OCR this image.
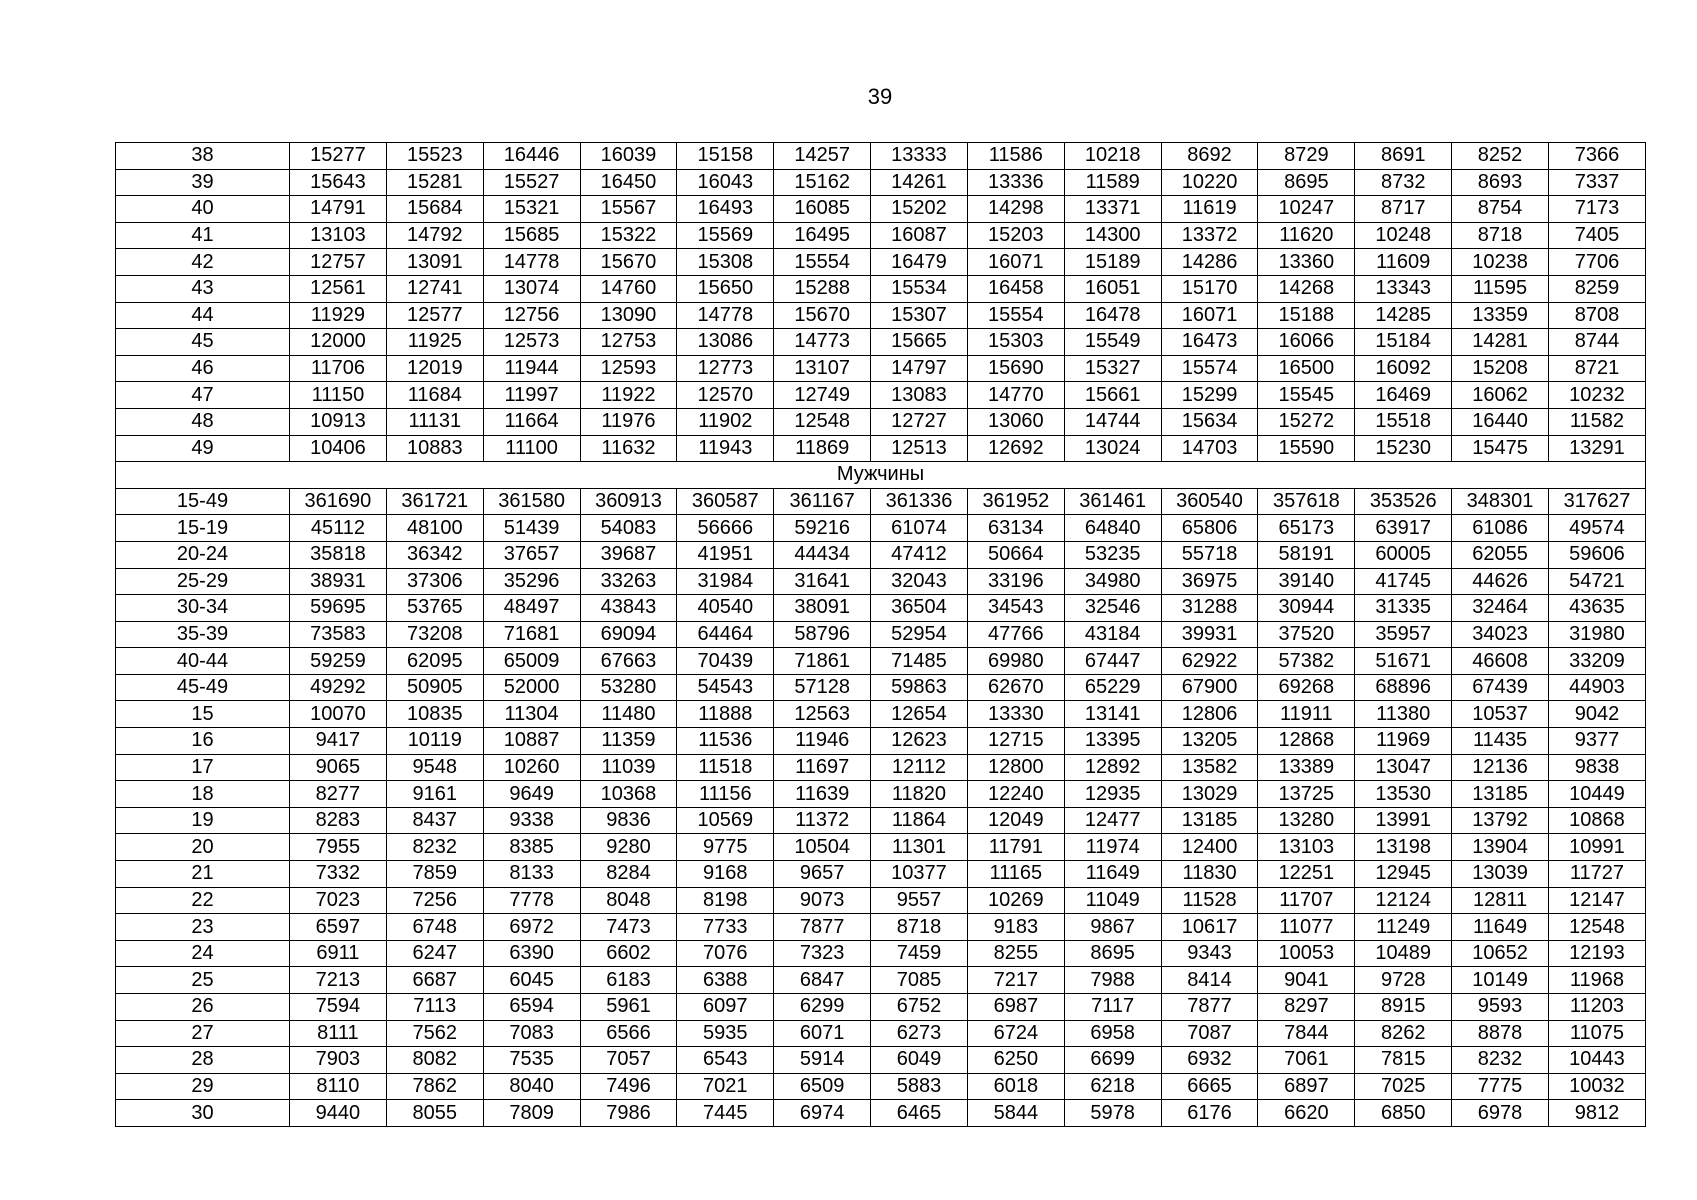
39
38	15277	15523	16446	16039	15158	14257	13333	11586	10218	8692	8729	8691	8252	7366
39	15643	15281	15527	16450	16043	15162	14261	13336	11589	10220	8695	8732	8693	7337
40	14791	15684	15321	15567	16493	16085	15202	14298	13371	11619	10247	8717	8754	7173
41	13103	14792	15685	15322	15569	16495	16087	15203	14300	13372	11620	10248	8718	7405
42	12757	13091	14778	15670	15308	15554	16479	16071	15189	14286	13360	11609	10238	7706
43	12561	12741	13074	14760	15650	15288	15534	16458	16051	15170	14268	13343	11595	8259
44	11929	12577	12756	13090	14778	15670	15307	15554	16478	16071	15188	14285	13359	8708
45	12000	11925	12573	12753	13086	14773	15665	15303	15549	16473	16066	15184	14281	8744
46	11706	12019	11944	12593	12773	13107	14797	15690	15327	15574	16500	16092	15208	8721
47	11150	11684	11997	11922	12570	12749	13083	14770	15661	15299	15545	16469	16062	10232
48	10913	11131	11664	11976	11902	12548	12727	13060	14744	15634	15272	15518	16440	11582
49	10406	10883	11100	11632	11943	11869	12513	12692	13024	14703	15590	15230	15475	13291
Мужчины														
15-49	361690	361721	361580	360913	360587	361167	361336	361952	361461	360540	357618	353526	348301	317627
15-19	45112	48100	51439	54083	56666	59216	61074	63134	64840	65806	65173	63917	61086	49574
20-24	35818	36342	37657	39687	41951	44434	47412	50664	53235	55718	58191	60005	62055	59606
25-29	38931	37306	35296	33263	31984	31641	32043	33196	34980	36975	39140	41745	44626	54721
30-34	59695	53765	48497	43843	40540	38091	36504	34543	32546	31288	30944	31335	32464	43635
35-39	73583	73208	71681	69094	64464	58796	52954	47766	43184	39931	37520	35957	34023	31980
40-44	59259	62095	65009	67663	70439	71861	71485	69980	67447	62922	57382	51671	46608	33209
45-49	49292	50905	52000	53280	54543	57128	59863	62670	65229	67900	69268	68896	67439	44903
15	10070	10835	11304	11480	11888	12563	12654	13330	13141	12806	11911	11380	10537	9042
16	9417	10119	10887	11359	11536	11946	12623	12715	13395	13205	12868	11969	11435	9377
17	9065	9548	10260	11039	11518	11697	12112	12800	12892	13582	13389	13047	12136	9838
18	8277	9161	9649	10368	11156	11639	11820	12240	12935	13029	13725	13530	13185	10449
19	8283	8437	9338	9836	10569	11372	11864	12049	12477	13185	13280	13991	13792	10868
20	7955	8232	8385	9280	9775	10504	11301	11791	11974	12400	13103	13198	13904	10991
21	7332	7859	8133	8284	9168	9657	10377	11165	11649	11830	12251	12945	13039	11727
22	7023	7256	7778	8048	8198	9073	9557	10269	11049	11528	11707	12124	12811	12147
23	6597	6748	6972	7473	7733	7877	8718	9183	9867	10617	11077	11249	11649	12548
24	6911	6247	6390	6602	7076	7323	7459	8255	8695	9343	10053	10489	10652	12193
25	7213	6687	6045	6183	6388	6847	7085	7217	7988	8414	9041	9728	10149	11968
26	7594	7113	6594	5961	6097	6299	6752	6987	7117	7877	8297	8915	9593	11203
27	8111	7562	7083	6566	5935	6071	6273	6724	6958	7087	7844	8262	8878	11075
28	7903	8082	7535	7057	6543	5914	6049	6250	6699	6932	7061	7815	8232	10443
29	8110	7862	8040	7496	7021	6509	5883	6018	6218	6665	6897	7025	7775	10032
30	9440	8055	7809	7986	7445	6974	6465	5844	5978	6176	6620	6850	6978	9812
